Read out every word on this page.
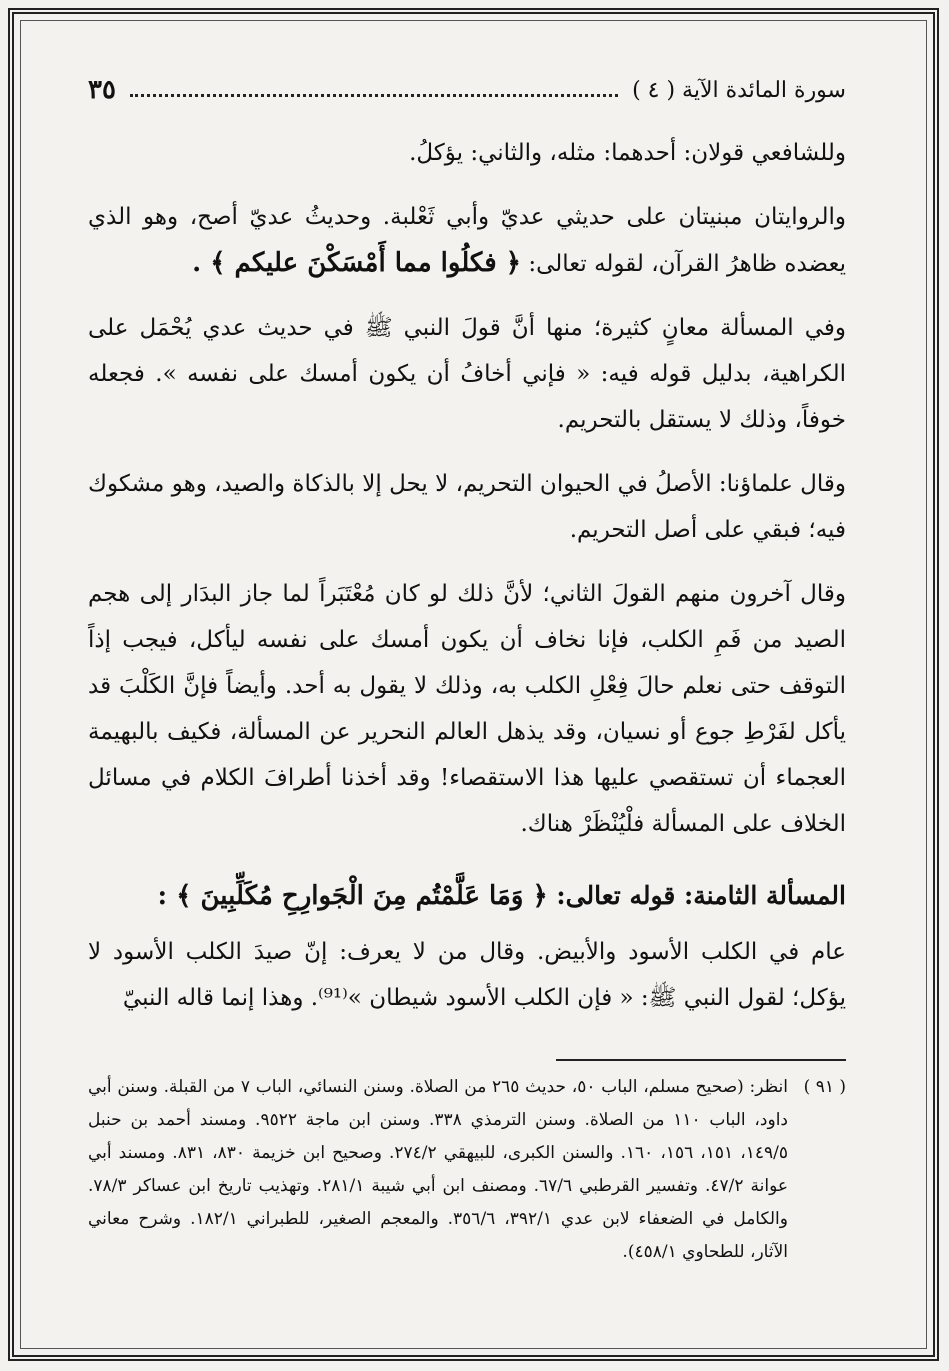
سورة المائدة الآية ( ٤ )
٣٥

وللشافعي قولان: أحدهما: مثله، والثاني: يؤكلُ.

والروايتان مبنيتان على حديثي عديّ وأبي ثَعْلبة. وحديثُ عديّ أصح، وهو الذي يعضده ظاهرُ القرآن، لقوله تعالى: ﴿ فكلُوا مما أَمْسَكْنَ عليكم ﴾ .

وفي المسألة معانٍ كثيرة؛ منها أنَّ قولَ النبي ﷺ في حديث عدي يُحْمَل على الكراهية، بدليل قوله فيه: « فإني أخافُ أن يكون أمسك على نفسه ». فجعله خوفاً، وذلك لا يستقل بالتحريم.

وقال علماؤنا: الأصلُ في الحيوان التحريم، لا يحل إلا بالذكاة والصيد، وهو مشكوك فيه؛ فبقي على أصل التحريم.

وقال آخرون منهم القولَ الثاني؛ لأنَّ ذلك لو كان مُعْتَبَراً لما جاز البدَار إلى هجم الصيد من فَمِ الكلب، فإنا نخاف أن يكون أمسك على نفسه ليأكل، فيجب إذاً التوقف حتى نعلم حالَ فِعْلِ الكلب به، وذلك لا يقول به أحد. وأيضاً فإنَّ الكَلْبَ قد يأكل لفَرْطِ جوع أو نسيان، وقد يذهل العالم النحرير عن المسألة، فكيف بالبهيمة العجماء أن تستقصي عليها هذا الاستقصاء! وقد أخذنا أطرافَ الكلام في مسائل الخلاف على المسألة فلْيُنْظَرْ هناك.

المسألة الثامنة: قوله تعالى: ﴿ وَمَا عَلَّمْتُم مِنَ الْجَوارِحِ مُكَلِّبِينَ ﴾ :

عام في الكلب الأسود والأبيض. وقال من لا يعرف: إنّ صيدَ الكلب الأسود لا يؤكل؛ لقول النبي ﷺ: « فإن الكلب الأسود شيطان »⁽⁹¹⁾. وهذا إنما قاله النبيّ

( ٩١ )
انظر: (صحيح مسلم، الباب ٥٠، حديث ٢٦٥ من الصلاة. وسنن النسائي، الباب ٧ من القبلة. وسنن أبي داود، الباب ١١٠ من الصلاة. وسنن الترمذي ٣٣٨. وسنن ابن ماجة ٩٥٢٢. ومسند أحمد بن حنبل ١٤٩/٥، ١٥١، ١٥٦، ١٦٠. والسنن الكبرى، للبيهقي ٢٧٤/٢. وصحيح ابن خزيمة ٨٣٠، ٨٣١. ومسند أبي عوانة ٤٧/٢. وتفسير القرطبي ٦٧/٦. ومصنف ابن أبي شيبة ٢٨١/١. وتهذيب تاريخ ابن عساكر ٧٨/٣. والكامل في الضعفاء لابن عدي ٣٩٢/١، ٣٥٦/٦. والمعجم الصغير، للطبراني ١٨٢/١. وشرح معاني الآثار، للطحاوي ٤٥٨/١).
